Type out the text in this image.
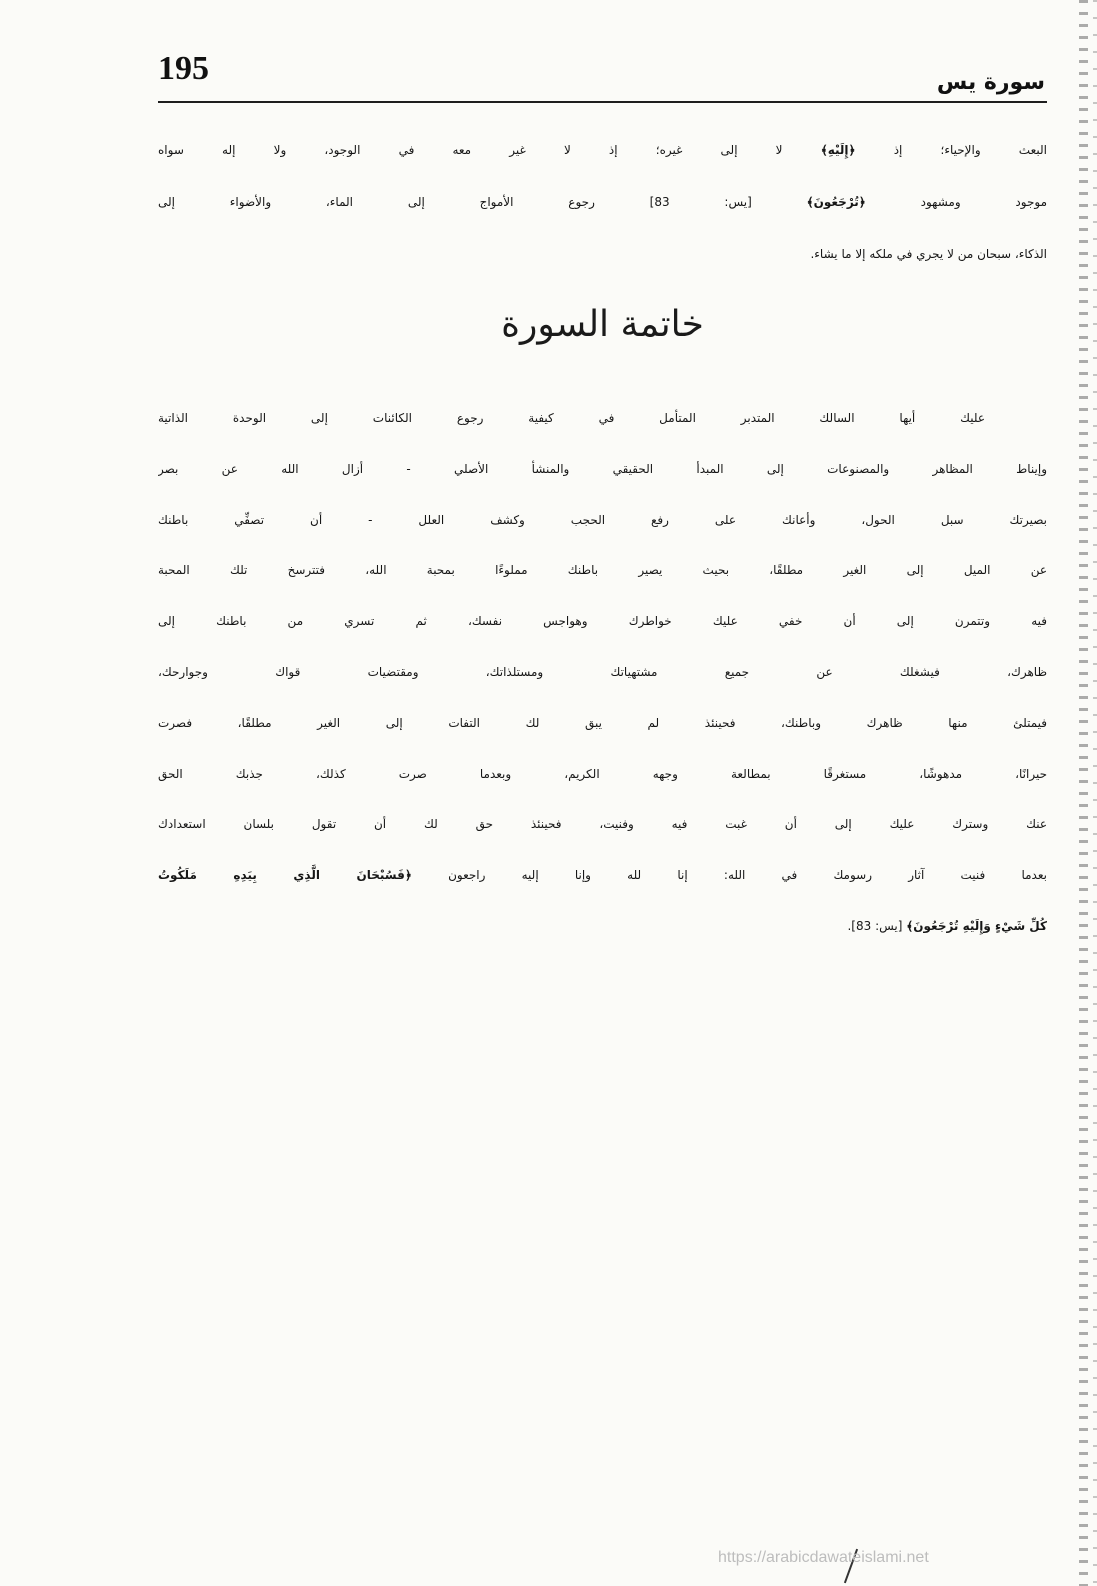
195	سورة يس
البعث والإحياء؛ إذ ﴿إِلَيْهِ﴾ لا إلى غيره؛ إذ لا غير معه في الوجود، ولا إله سواه
موجود ومشهود ﴿تُرْجَعُونَ﴾ [يس: 83] رجوع الأمواج إلى الماء، والأضواء إلى
الذكاء، سبحان من لا يجري في ملكه إلا ما يشاء.
خاتمة السورة
عليك أيها السالك المتدبر المتأمل في كيفية رجوع الكائنات إلى الوحدة الذاتية
وإيناط المظاهر والمصنوعات إلى المبدأ الحقيقي والمنشأ الأصلي - أزال الله عن بصر
بصيرتك سبل الحول، وأعانك على رفع الحجب وكشف العلل - أن تصفِّي باطنك
عن الميل إلى الغير مطلقًا، بحيث يصير باطنك مملوءًا بمحبة الله، فتترسخ تلك المحبة
فيه وتتمرن إلى أن خفي عليك خواطرك وهواجس نفسك، ثم تسري من باطنك إلى
ظاهرك، فيشغلك عن جميع مشتهياتك ومستلذاتك، ومقتضيات قواك وجوارحك،
فيمتلئ منها ظاهرك وباطنك، فحينئذ لم يبق لك التفات إلى الغير مطلقًا، فصرت
حيرانًا، مدهوشًا، مستغرقًا بمطالعة وجهه الكريم، وبعدما صرت كذلك، جذبك الحق
عنك وسترك عليك إلى أن غبت فيه وفنيت، فحينئذ حق لك أن تقول بلسان استعدادك
بعدما فنيت آثار رسومك في الله: إنا لله وإنا إليه راجعون ﴿فَسُبْحَانَ الَّذِي بِيَدِهِ مَلَكُوتُ
كُلِّ شَيْءٍ وَإِلَيْهِ تُرْجَعُونَ﴾ [يس: 83].
https://arabicdawateislami.net
